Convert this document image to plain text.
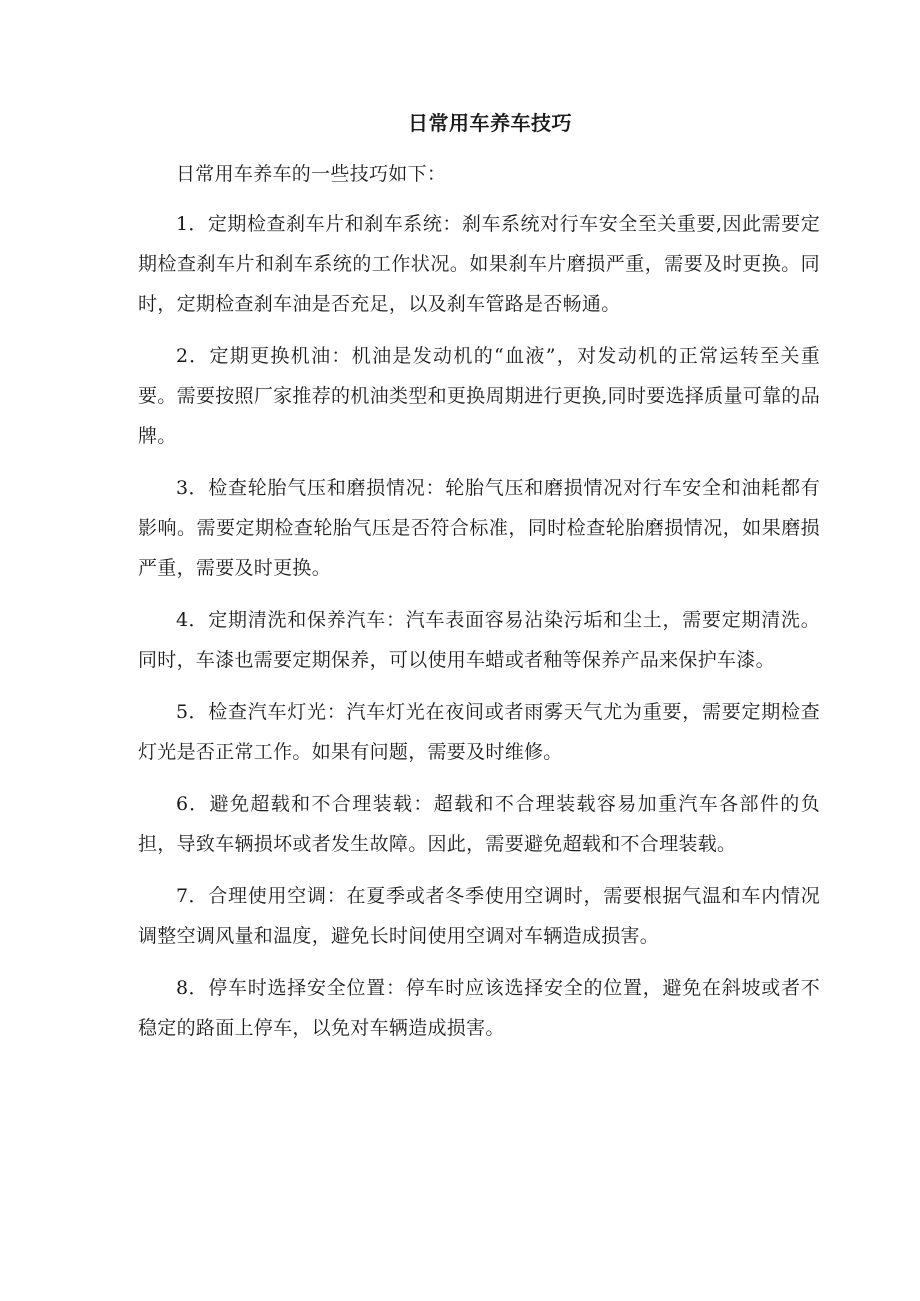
日常用车养车技巧

日常用车养车的一些技巧如下：

1．定期检查刹车片和刹车系统：刹车系统对行车安全至关重要,因此需要定期检查刹车片和刹车系统的工作状况。如果刹车片磨损严重，需要及时更换。同时，定期检查刹车油是否充足，以及刹车管路是否畅通。

2．定期更换机油：机油是发动机的“血液”，对发动机的正常运转至关重要。需要按照厂家推荐的机油类型和更换周期进行更换,同时要选择质量可靠的品牌。

3．检查轮胎气压和磨损情况：轮胎气压和磨损情况对行车安全和油耗都有影响。需要定期检查轮胎气压是否符合标准，同时检查轮胎磨损情况，如果磨损严重，需要及时更换。

4．定期清洗和保养汽车：汽车表面容易沾染污垢和尘土，需要定期清洗。同时，车漆也需要定期保养，可以使用车蜡或者釉等保养产品来保护车漆。

5．检查汽车灯光：汽车灯光在夜间或者雨雾天气尤为重要，需要定期检查灯光是否正常工作。如果有问题，需要及时维修。

6．避免超载和不合理装载：超载和不合理装载容易加重汽车各部件的负担，导致车辆损坏或者发生故障。因此，需要避免超载和不合理装载。

7．合理使用空调：在夏季或者冬季使用空调时，需要根据气温和车内情况调整空调风量和温度，避免长时间使用空调对车辆造成损害。

8．停车时选择安全位置：停车时应该选择安全的位置，避免在斜坡或者不稳定的路面上停车，以免对车辆造成损害。
